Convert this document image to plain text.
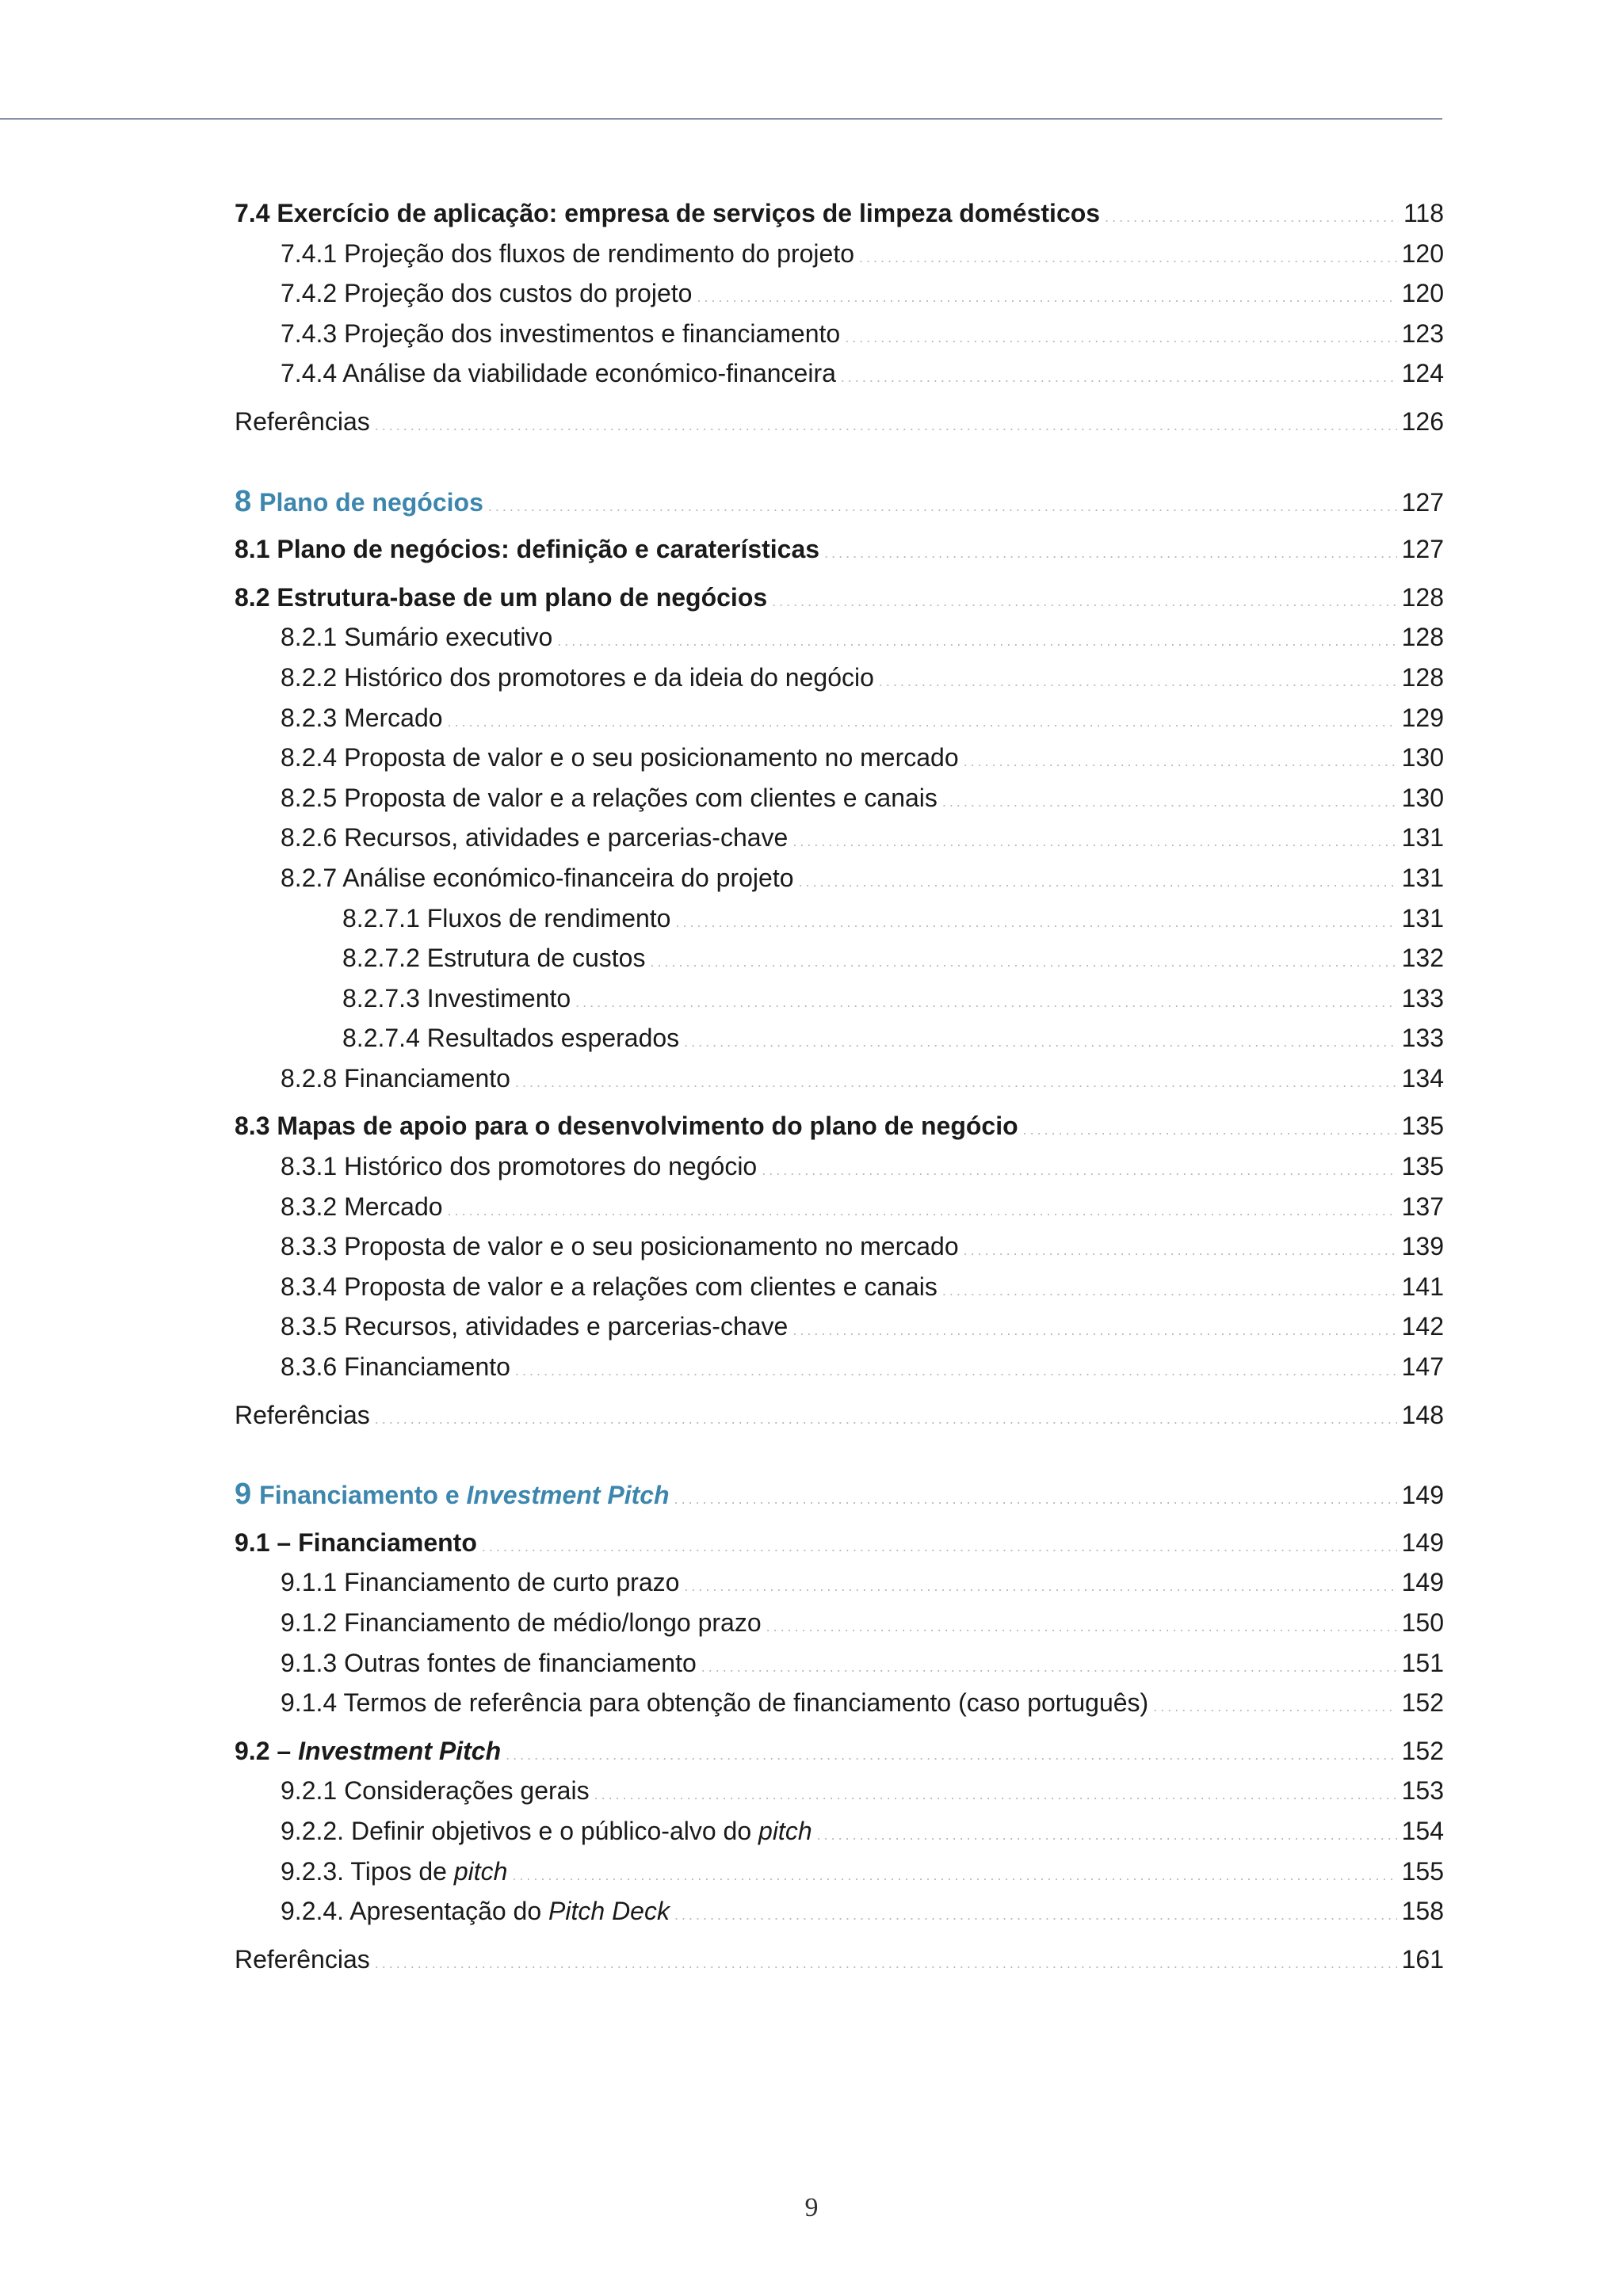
7.4 Exercício de aplicação: empresa de serviços de limpeza domésticos .....	118
7.4.1 Projeção dos fluxos de rendimento do projeto .....	120
7.4.2 Projeção dos custos do projeto .....	120
7.4.3 Projeção dos investimentos e financiamento .....	123
7.4.4 Análise da viabilidade económico-financeira .....	124
Referências .....	126
8 Plano de negócios .....	127
8.1 Plano de negócios: definição e caraterísticas .....	127
8.2 Estrutura-base de um plano de negócios .....	128
8.2.1 Sumário executivo .....	128
8.2.2 Histórico dos promotores e da ideia do negócio .....	128
8.2.3 Mercado .....	129
8.2.4 Proposta de valor e o seu posicionamento no mercado .....	130
8.2.5 Proposta de valor e a relações com clientes e canais .....	130
8.2.6 Recursos, atividades e parcerias-chave .....	131
8.2.7 Análise económico-financeira do projeto .....	131
8.2.7.1 Fluxos de rendimento .....	131
8.2.7.2 Estrutura de custos .....	132
8.2.7.3 Investimento .....	133
8.2.7.4 Resultados esperados .....	133
8.2.8 Financiamento .....	134
8.3 Mapas de apoio para o desenvolvimento do plano de negócio .....	135
8.3.1 Histórico dos promotores do negócio .....	135
8.3.2 Mercado .....	137
8.3.3 Proposta de valor e o seu posicionamento no mercado .....	139
8.3.4 Proposta de valor e a relações com clientes e canais .....	141
8.3.5 Recursos, atividades e parcerias-chave .....	142
8.3.6 Financiamento .....	147
Referências .....	148
9 Financiamento e Investment Pitch .....	149
9.1 – Financiamento .....	149
9.1.1 Financiamento de curto prazo .....	149
9.1.2 Financiamento de médio/longo prazo .....	150
9.1.3 Outras fontes de financiamento .....	151
9.1.4 Termos de referência para obtenção de financiamento (caso português) .....	152
9.2 – Investment Pitch .....	152
9.2.1 Considerações gerais .....	153
9.2.2. Definir objetivos e o público-alvo do pitch .....	154
9.2.3. Tipos de pitch .....	155
9.2.4. Apresentação do Pitch Deck .....	158
Referências .....	161
9
